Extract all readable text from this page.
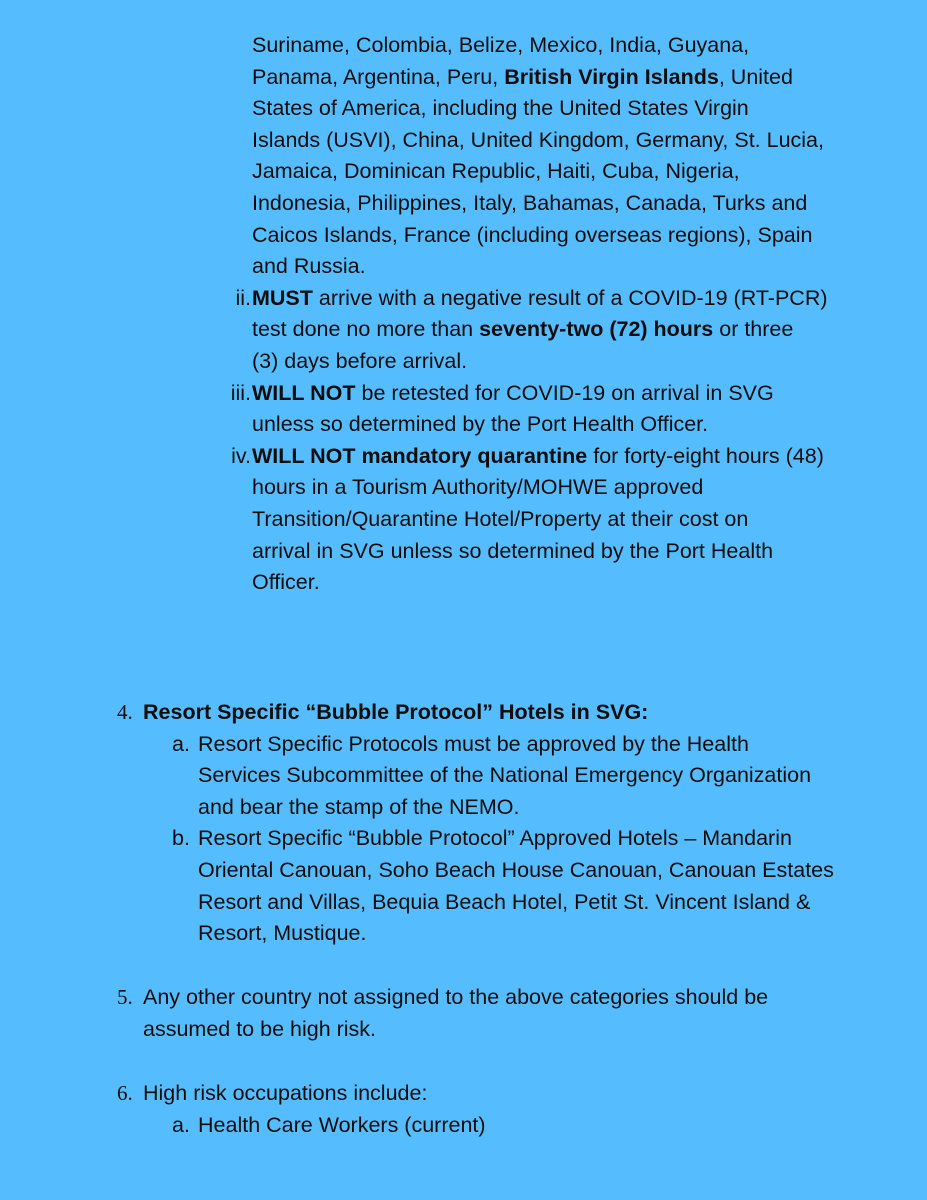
Suriname, Colombia, Belize, Mexico, India, Guyana,
Panama, Argentina, Peru, British Virgin Islands, United
States of America, including the United States Virgin
Islands (USVI), China, United Kingdom, Germany, St. Lucia,
Jamaica, Dominican Republic, Haiti, Cuba, Nigeria,
Indonesia, Philippines, Italy, Bahamas, Canada, Turks and
Caicos Islands, France (including overseas regions), Spain
and Russia.
ii. MUST arrive with a negative result of a COVID-19 (RT-PCR)
test done no more than seventy-two (72) hours or three
(3) days before arrival.
iii. WILL NOT be retested for COVID-19 on arrival in SVG
unless so determined by the Port Health Officer.
iv. WILL NOT mandatory quarantine for forty-eight hours (48)
hours in a Tourism Authority/MOHWE approved
Transition/Quarantine Hotel/Property at their cost on
arrival in SVG unless so determined by the Port Health
Officer.
4. Resort Specific “Bubble Protocol” Hotels in SVG:
a. Resort Specific Protocols must be approved by the Health
Services Subcommittee of the National Emergency Organization
and bear the stamp of the NEMO.
b. Resort Specific “Bubble Protocol” Approved Hotels – Mandarin
Oriental Canouan, Soho Beach House Canouan, Canouan Estates
Resort and Villas, Bequia Beach Hotel, Petit St. Vincent Island &
Resort, Mustique.
5. Any other country not assigned to the above categories should be
assumed to be high risk.
6. High risk occupations include:
a. Health Care Workers (current)
